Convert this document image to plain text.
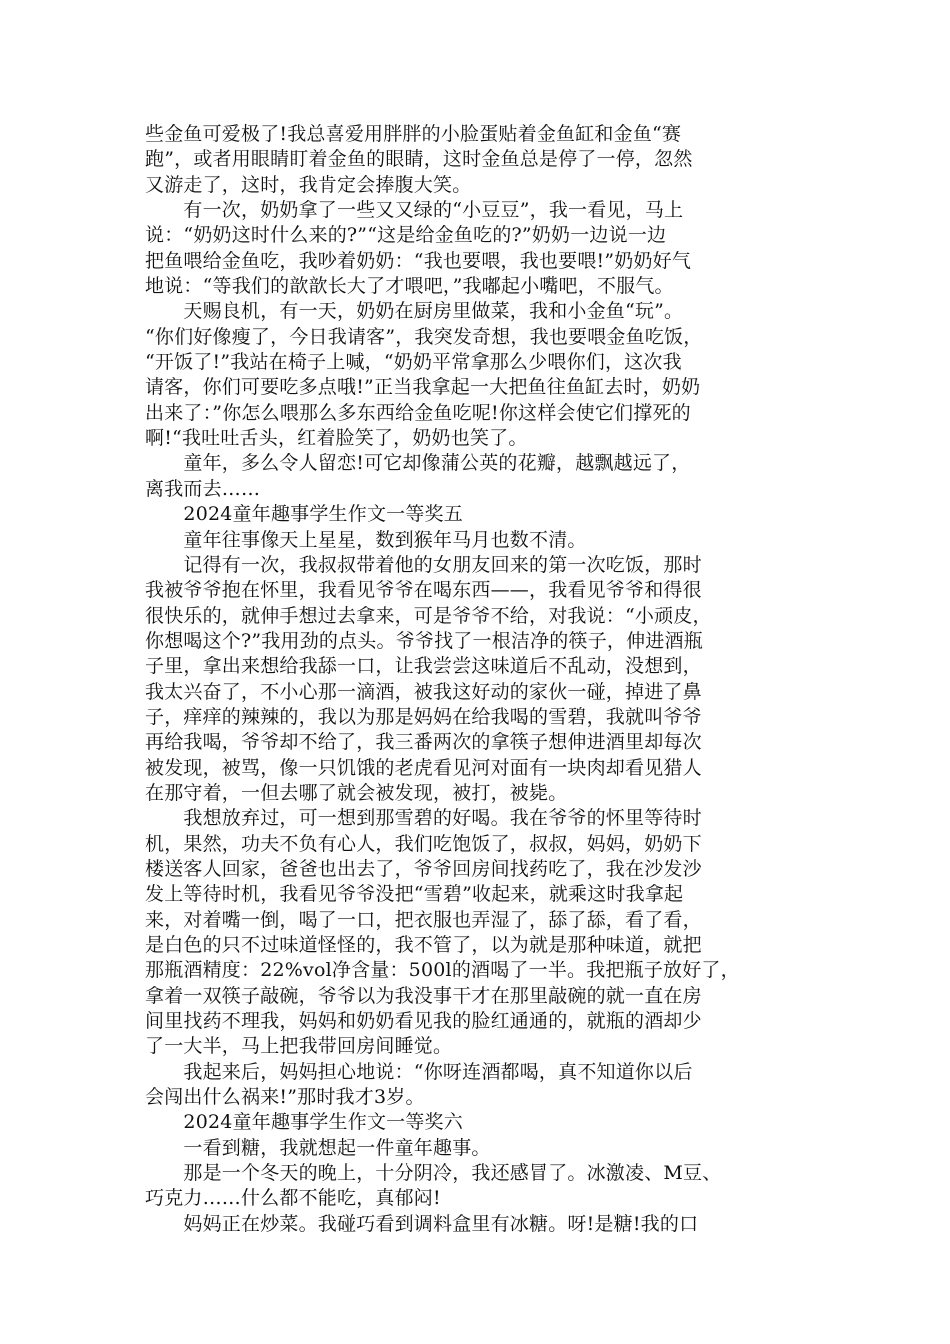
些金鱼可爱极了!我总喜爱用胖胖的小脸蛋贴着金鱼缸和金鱼“赛
跑”，或者用眼睛盯着金鱼的眼睛，这时金鱼总是停了一停，忽然
又游走了，这时，我肯定会捧腹大笑。
　　有一次，奶奶拿了一些又又绿的“小豆豆”，我一看见，马上
说：“奶奶这时什么来的?”“这是给金鱼吃的?”奶奶一边说一边
把鱼喂给金鱼吃，我吵着奶奶：“我也要喂，我也要喂!”奶奶好气
地说：“等我们的歆歆长大了才喂吧，”我嘟起小嘴吧，不服气。
　　天赐良机，有一天，奶奶在厨房里做菜，我和小金鱼“玩”。
“你们好像瘦了，今日我请客”，我突发奇想，我也要喂金鱼吃饭，
“开饭了!”我站在椅子上喊，“奶奶平常拿那么少喂你们，这次我
请客，你们可要吃多点哦!”正当我拿起一大把鱼往鱼缸去时，奶奶
出来了：”你怎么喂那么多东西给金鱼吃呢!你这样会使它们撑死的
啊!“我吐吐舌头，红着脸笑了，奶奶也笑了。
　　童年，多么令人留恋!可它却像蒲公英的花瓣，越飘越远了，
离我而去……
　　2024童年趣事学生作文一等奖五
　　童年往事像天上星星，数到猴年马月也数不清。
　　记得有一次，我叔叔带着他的女朋友回来的第一次吃饭，那时
我被爷爷抱在怀里，我看见爷爷在喝东西——，我看见爷爷和得很
很快乐的，就伸手想过去拿来，可是爷爷不给，对我说：“小顽皮，
你想喝这个?”我用劲的点头。爷爷找了一根洁净的筷子，伸进酒瓶
子里，拿出来想给我舔一口，让我尝尝这味道后不乱动，没想到，
我太兴奋了，不小心那一滴酒，被我这好动的家伙一碰，掉进了鼻
子，痒痒的辣辣的，我以为那是妈妈在给我喝的雪碧，我就叫爷爷
再给我喝，爷爷却不给了，我三番两次的拿筷子想伸进酒里却每次
被发现，被骂，像一只饥饿的老虎看见河对面有一块肉却看见猎人
在那守着，一但去哪了就会被发现，被打，被毙。
　　我想放弃过，可一想到那雪碧的好喝。我在爷爷的怀里等待时
机，果然，功夫不负有心人，我们吃饱饭了，叔叔，妈妈，奶奶下
楼送客人回家，爸爸也出去了，爷爷回房间找药吃了，我在沙发沙
发上等待时机，我看见爷爷没把“雪碧”收起来，就乘这时我拿起
来，对着嘴一倒，喝了一口，把衣服也弄湿了，舔了舔，看了看，
是白色的只不过味道怪怪的，我不管了，以为就是那种味道，就把
那瓶酒精度：22%vol净含量：500l的酒喝了一半。我把瓶子放好了，
拿着一双筷子敲碗，爷爷以为我没事干才在那里敲碗的就一直在房
间里找药不理我，妈妈和奶奶看见我的脸红通通的，就瓶的酒却少
了一大半，马上把我带回房间睡觉。
　　我起来后，妈妈担心地说：“你呀连酒都喝，真不知道你以后
会闯出什么祸来!”那时我才3岁。
　　2024童年趣事学生作文一等奖六
　　一看到糖，我就想起一件童年趣事。
　　那是一个冬天的晚上，十分阴冷，我还感冒了。冰激凌、M豆、
巧克力……什么都不能吃，真郁闷!
　　妈妈正在炒菜。我碰巧看到调料盒里有冰糖。呀!是糖!我的口
